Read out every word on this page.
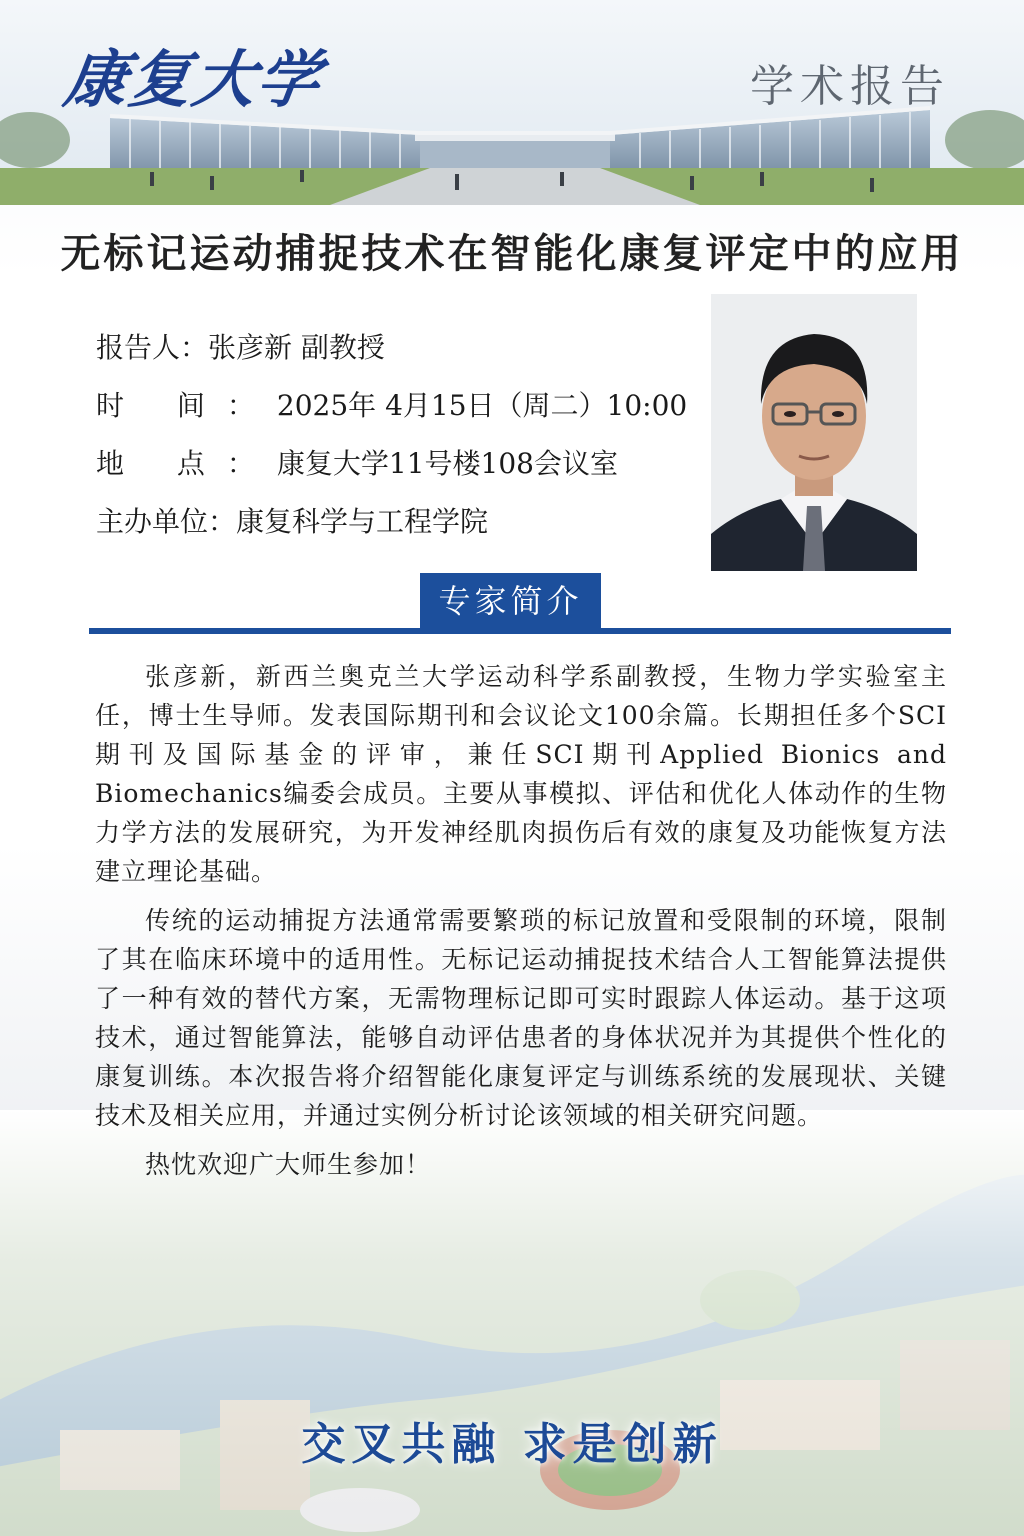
康复大学	学术报告
无标记运动捕捉技术在智能化康复评定中的应用
报告人：张彦新 副教授
时 间：2025年 4月15日（周二）10:00
地 点：康复大学11号楼108会议室
主办单位：康复科学与工程学院
专家简介

张彦新，新西兰奥克兰大学运动科学系副教授，生物力学实验室主任，博士生导师。发表国际期刊和会议论文100余篇。长期担任多个SCI期刊及国际基金的评审，兼任SCI期刊Applied Bionics and Biomechanics编委会成员。主要从事模拟、评估和优化人体动作的生物力学方法的发展研究，为开发神经肌肉损伤后有效的康复及功能恢复方法建立理论基础。

传统的运动捕捉方法通常需要繁琐的标记放置和受限制的环境，限制了其在临床环境中的适用性。无标记运动捕捉技术结合人工智能算法提供了一种有效的替代方案，无需物理标记即可实时跟踪人体运动。基于这项技术，通过智能算法，能够自动评估患者的身体状况并为其提供个性化的康复训练。本次报告将介绍智能化康复评定与训练系统的发展现状、关键技术及相关应用，并通过实例分析讨论该领域的相关研究问题。

热忱欢迎广大师生参加！

交叉共融 求是创新
